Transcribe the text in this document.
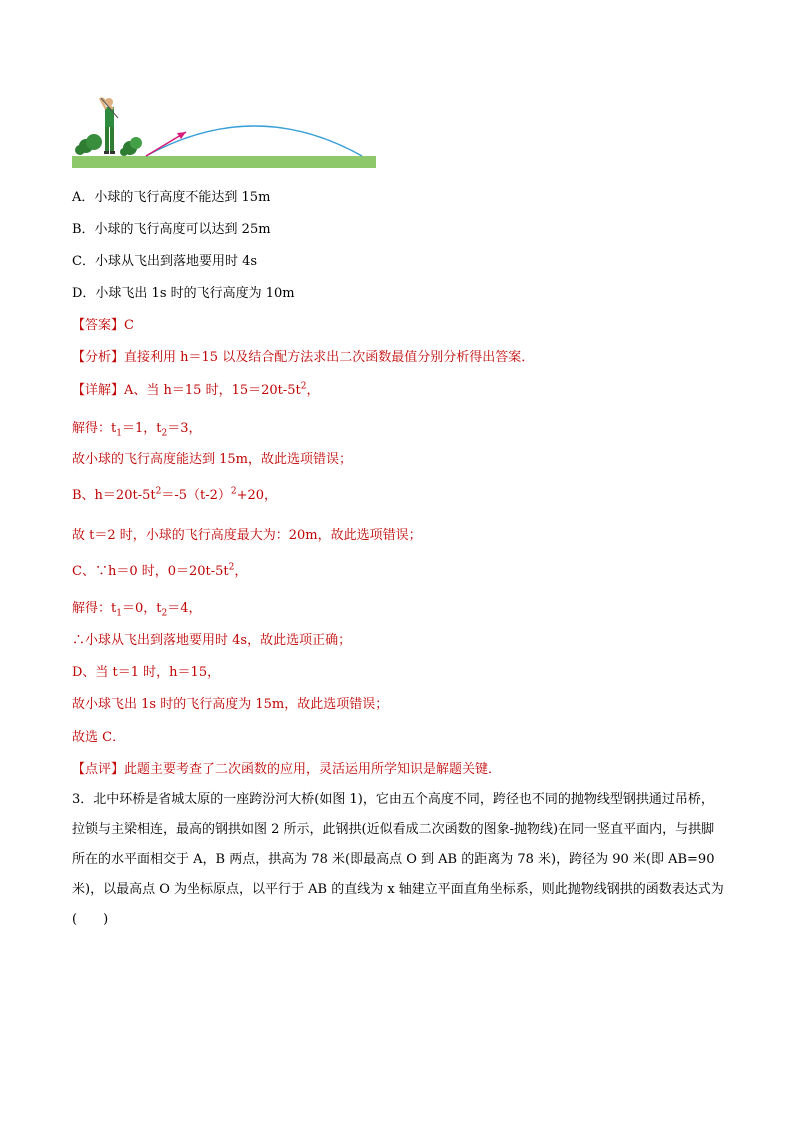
A．小球的飞行高度不能达到 15m
B．小球的飞行高度可以达到 25m
C．小球从飞出到落地要用时 4s
D．小球飞出 1s 时的飞行高度为 10m
【答案】C
【分析】直接利用 h＝15 以及结合配方法求出二次函数最值分别分析得出答案．
【详解】A、当 h＝15 时，$15=20t-5t^2$，
解得：$t_1=1$，$t_2=3$，
故小球的飞行高度能达到 15m，故此选项错误；
B、$h=20t-5t^2=-5(t-2)^2+20$，
故 t＝2 时，小球的飞行高度最大为：20m，故此选项错误；
C、∵h＝0 时，$0=20t-5t^2$，
解得：$t_1=0$，$t_2=4$，
∴小球从飞出到落地要用时 4s，故此选项正确；
D、当 t＝1 时，h＝15，
故小球飞出 1s 时的飞行高度为 15m，故此选项错误；
故选 C．
【点评】此题主要考查了二次函数的应用，灵活运用所学知识是解题关键．
3．北中环桥是省城太原的一座跨汾河大桥(如图 1)，它由五个高度不同，跨径也不同的抛物线型钢拱通过吊桥，拉锁与主梁相连，最高的钢拱如图 2 所示，此钢拱(近似看成二次函数的图象-抛物线)在同一竖直平面内，与拱脚所在的水平面相交于 A，B 两点，拱高为 78 米(即最高点 O 到 AB 的距离为 78 米)，跨径为 90 米(即 AB=90 米)，以最高点 O 为坐标原点，以平行于 AB 的直线为 x 轴建立平面直角坐标系，则此抛物线钢拱的函数表达式为(　　)
